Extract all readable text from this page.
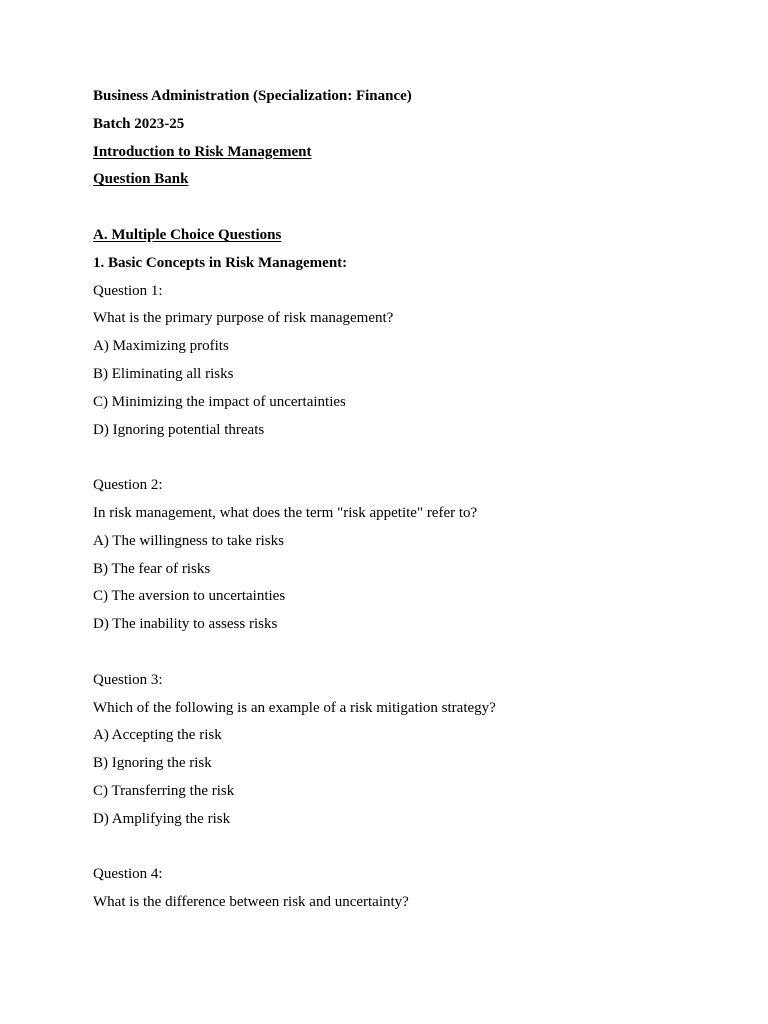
Business Administration (Specialization: Finance)
Batch 2023-25
Introduction to Risk Management
Question Bank
A. Multiple Choice Questions
1. Basic Concepts in Risk Management:
Question 1:
What is the primary purpose of risk management?
A) Maximizing profits
B) Eliminating all risks
C) Minimizing the impact of uncertainties
D) Ignoring potential threats
Question 2:
In risk management, what does the term "risk appetite" refer to?
A) The willingness to take risks
B) The fear of risks
C) The aversion to uncertainties
D) The inability to assess risks
Question 3:
Which of the following is an example of a risk mitigation strategy?
A) Accepting the risk
B) Ignoring the risk
C) Transferring the risk
D) Amplifying the risk
Question 4:
What is the difference between risk and uncertainty?
